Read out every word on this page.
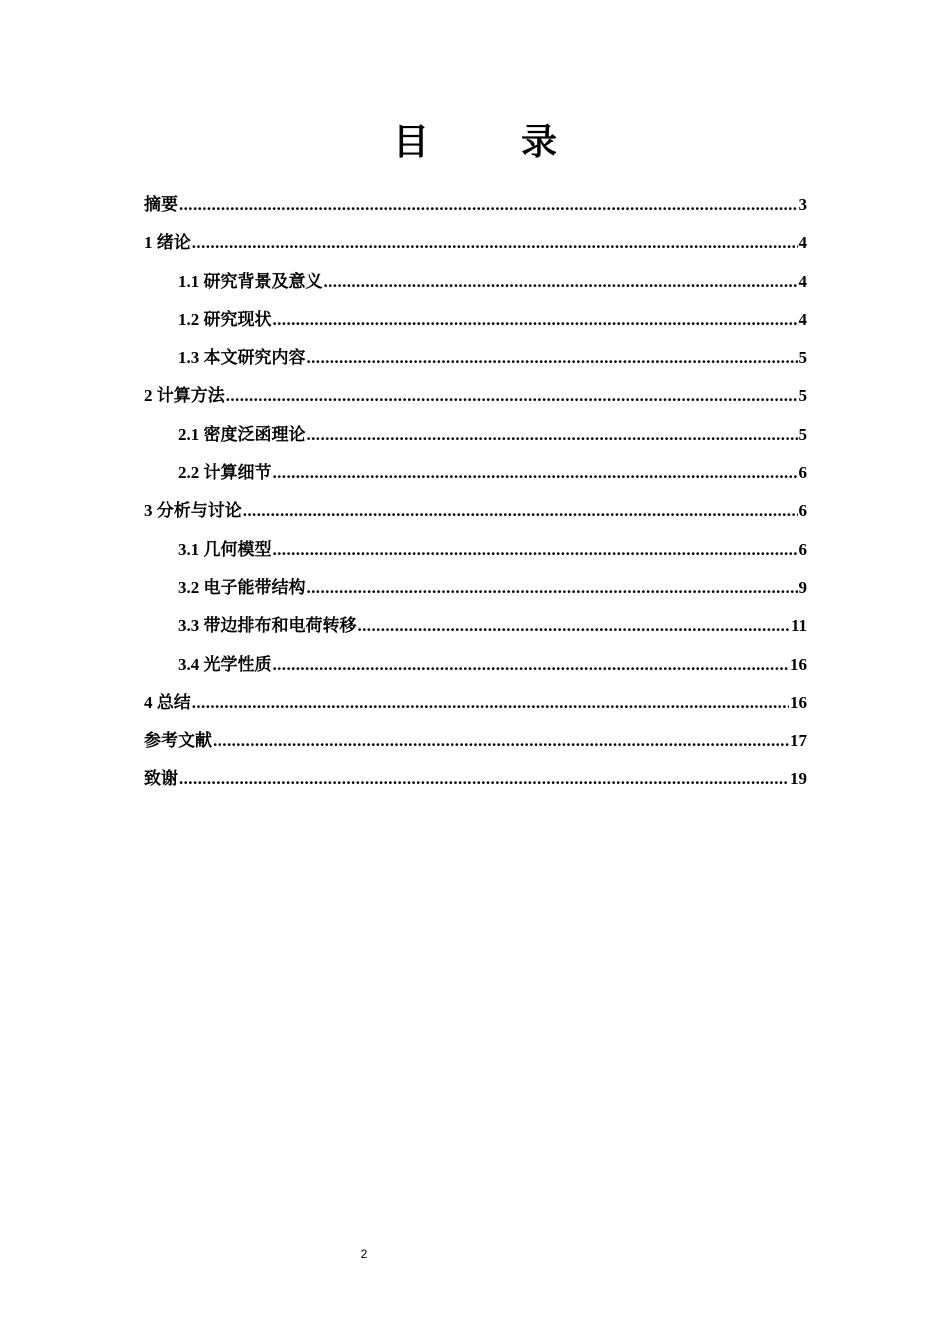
目　录
摘要 .....	3
1 绪论 .....	4
1.1 研究背景及意义 .....	4
1.2 研究现状 .....	4
1.3 本文研究内容 .....	5
2 计算方法 .....	5
2.1 密度泛函理论 .....	5
2.2 计算细节 .....	6
3 分析与讨论 .....	6
3.1 几何模型 .....	6
3.2 电子能带结构 .....	9
3.3 带边排布和电荷转移 .....	11
3.4 光学性质 .....	16
4 总结 .....	16
参考文献 .....	17
致谢 .....	19
2
